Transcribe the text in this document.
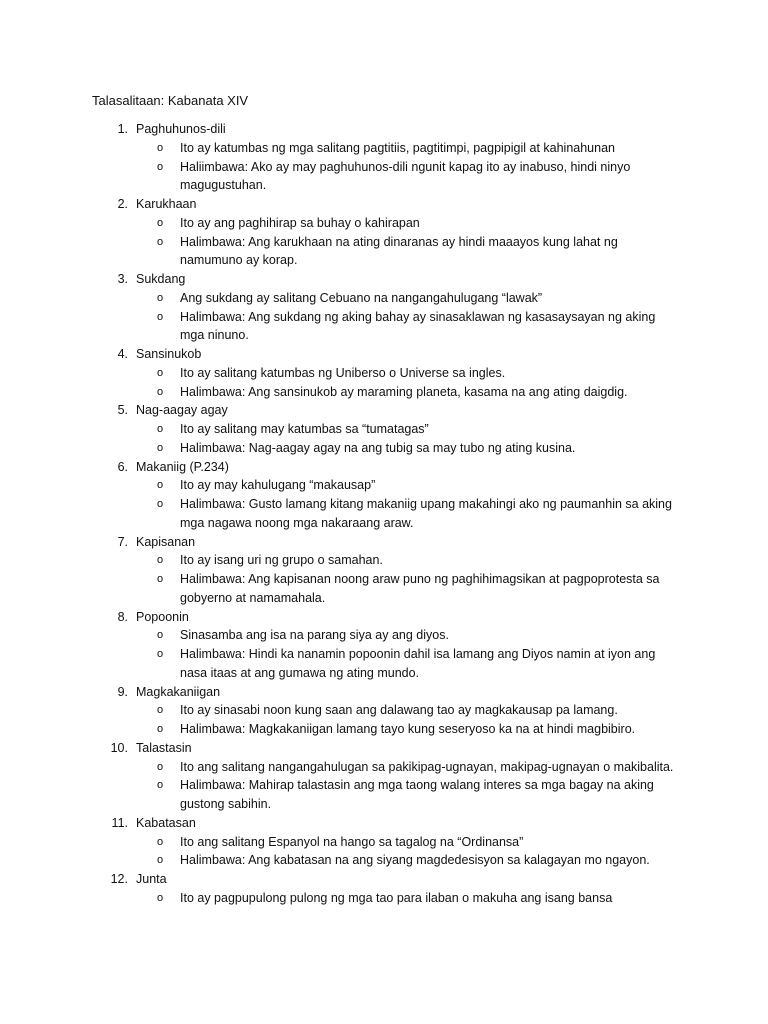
Talasalitaan: Kabanata XIV
1. Paghuhunos-dili
o Ito ay katumbas ng mga salitang pagtitiis, pagtitimpi, pagpipigil at kahinahunan
o Haliimbawa: Ako ay may paghuhunos-dili ngunit kapag ito ay inabuso, hindi ninyo magugustuhan.
2. Karukhaan
o Ito ay ang paghihirap sa buhay o kahirapan
o Halimbawa: Ang karukhaan na ating dinaranas ay hindi maaayos kung lahat ng namumuno ay korap.
3. Sukdang
o Ang sukdang ay salitang Cebuano na nangangahulugang “lawak”
o Halimbawa: Ang sukdang ng aking bahay ay sinasaklawan ng kasasaysayan ng aking mga ninuno.
4. Sansinukob
o Ito ay salitang katumbas ng Uniberso o Universe sa ingles.
o Halimbawa: Ang sansinukob ay maraming planeta, kasama na ang ating daigdig.
5. Nag-aagay agay
o Ito ay salitang may katumbas sa “tumatagas”
o Halimbawa: Nag-aagay agay na ang tubig sa may tubo ng ating kusina.
6. Makaniig (P.234)
o Ito ay may kahulugang “makausap”
o Halimbawa: Gusto lamang kitang makaniig upang makahingi ako ng paumanhin sa aking mga nagawa noong mga nakaraang araw.
7. Kapisanan
o Ito ay isang uri ng grupo o samahan.
o Halimbawa: Ang kapisanan noong araw puno ng paghihimagsikan at pagpoprotesta sa gobyerno at namamahala.
8. Popoonin
o Sinasamba ang isa na parang siya ay ang diyos.
o Halimbawa: Hindi ka nanamin popoonin dahil isa lamang ang Diyos namin at iyon ang nasa itaas at ang gumawa ng ating mundo.
9. Magkakaniigan
o Ito ay sinasabi noon kung saan ang dalawang tao ay magkakausap pa lamang.
o Halimbawa: Magkakaniigan lamang tayo kung seseryoso ka na at hindi magbibiro.
10. Talastasin
o Ito ang salitang nangangahulugan sa pakikipag-ugnayan, makipag-ugnayan o makibalita.
o Halimbawa: Mahirap talastasin ang mga taong walang interes sa mga bagay na aking gustong sabihin.
11. Kabatasan
o Ito ang salitang Espanyol na hango sa tagalog na “Ordinansa”
o Halimbawa: Ang kabatasan na ang siyang magdedesisyon sa kalagayan mo ngayon.
12. Junta
o Ito ay pagpupulong pulong ng mga tao para ilaban o makuha ang isang bansa
